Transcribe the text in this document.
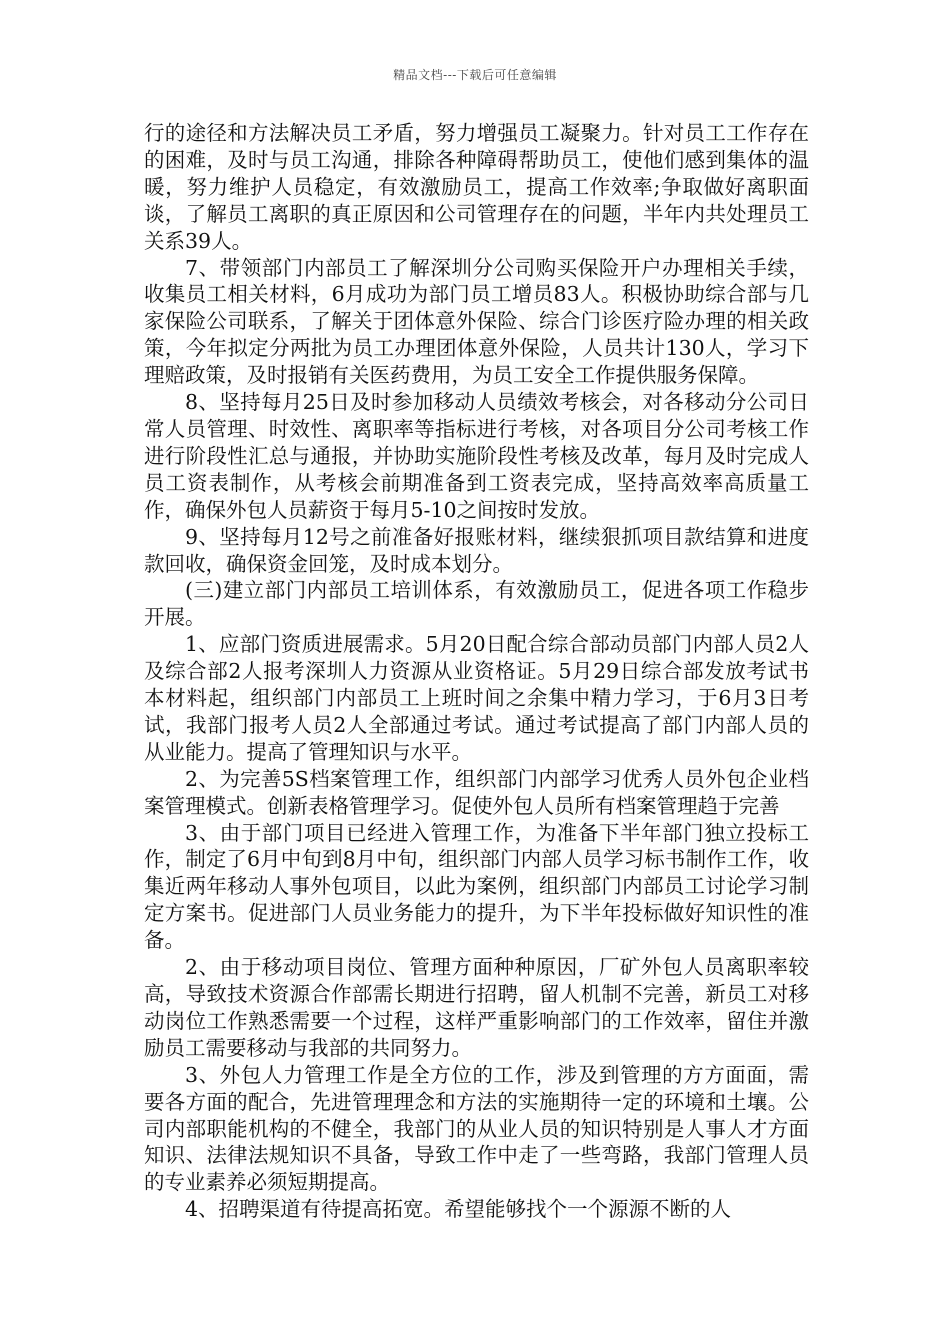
精品文档---下载后可任意编辑

行的途径和方法解决员工矛盾，努力增强员工凝聚力。针对员工工作存在的困难，及时与员工沟通，排除各种障碍帮助员工，使他们感到集体的温暖，努力维护人员稳定，有效激励员工，提高工作效率;争取做好离职面谈，了解员工离职的真正原因和公司管理存在的问题，半年内共处理员工关系39人。

7、带领部门内部员工了解深圳分公司购买保险开户办理相关手续，收集员工相关材料，6月成功为部门员工增员83人。积极协助综合部与几家保险公司联系，了解关于团体意外保险、综合门诊医疗险办理的相关政策，今年拟定分两批为员工办理团体意外保险，人员共计130人，学习下理赔政策，及时报销有关医药费用，为员工安全工作提供服务保障。

8、坚持每月25日及时参加移动人员绩效考核会，对各移动分公司日常人员管理、时效性、离职率等指标进行考核，对各项目分公司考核工作进行阶段性汇总与通报，并协助实施阶段性考核及改革，每月及时完成人员工资表制作，从考核会前期准备到工资表完成，坚持高效率高质量工作，确保外包人员薪资于每月5-10之间按时发放。

9、坚持每月12号之前准备好报账材料，继续狠抓项目款结算和进度款回收，确保资金回笼，及时成本划分。

(三)建立部门内部员工培训体系，有效激励员工，促进各项工作稳步开展。

1、应部门资质进展需求。5月20日配合综合部动员部门内部人员2人及综合部2人报考深圳人力资源从业资格证。5月29日综合部发放考试书本材料起，组织部门内部员工上班时间之余集中精力学习，于6月3日考试，我部门报考人员2人全部通过考试。通过考试提高了部门内部人员的从业能力。提高了管理知识与水平。

2、为完善5S档案管理工作，组织部门内部学习优秀人员外包企业档案管理模式。创新表格管理学习。促使外包人员所有档案管理趋于完善

3、由于部门项目已经进入管理工作，为准备下半年部门独立投标工作，制定了6月中旬到8月中旬，组织部门内部人员学习标书制作工作，收集近两年移动人事外包项目，以此为案例，组织部门内部员工讨论学习制定方案书。促进部门人员业务能力的提升，为下半年投标做好知识性的准备。

2、由于移动项目岗位、管理方面种种原因，厂矿外包人员离职率较高，导致技术资源合作部需长期进行招聘，留人机制不完善，新员工对移动岗位工作熟悉需要一个过程，这样严重影响部门的工作效率，留住并激励员工需要移动与我部的共同努力。

3、外包人力管理工作是全方位的工作，涉及到管理的方方面面，需要各方面的配合，先进管理理念和方法的实施期待一定的环境和土壤。公司内部职能机构的不健全，我部门的从业人员的知识特别是人事人才方面知识、法律法规知识不具备，导致工作中走了一些弯路，我部门管理人员的专业素养必须短期提高。

4、招聘渠道有待提高拓宽。希望能够找个一个源源不断的人
